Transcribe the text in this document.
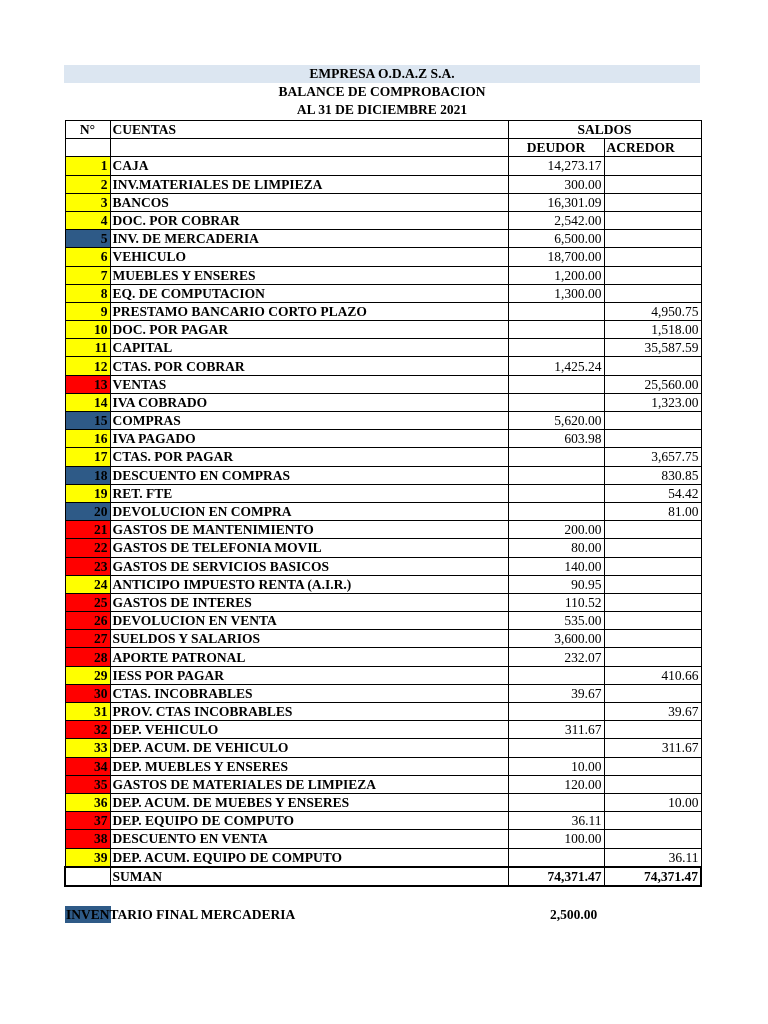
EMPRESA O.D.A.Z S.A.
BALANCE DE COMPROBACION
AL 31 DE DICIEMBRE 2021
N°	CUENTAS	SALDOS	
		DEUDOR	ACREDOR
1	CAJA	14,273.17	
2	INV.MATERIALES DE LIMPIEZA	300.00	
3	BANCOS	16,301.09	
4	DOC. POR COBRAR	2,542.00	
5	INV. DE MERCADERIA	6,500.00	
6	VEHICULO	18,700.00	
7	MUEBLES Y ENSERES	1,200.00	
8	EQ. DE COMPUTACION	1,300.00	
9	PRESTAMO BANCARIO CORTO PLAZO		4,950.75
10	DOC. POR PAGAR		1,518.00
11	CAPITAL		35,587.59
12	CTAS. POR COBRAR	1,425.24	
13	VENTAS		25,560.00
14	IVA COBRADO		1,323.00
15	COMPRAS	5,620.00	
16	IVA PAGADO	603.98	
17	CTAS. POR PAGAR		3,657.75
18	DESCUENTO EN COMPRAS		830.85
19	RET. FTE		54.42
20	DEVOLUCION EN COMPRA		81.00
21	GASTOS DE MANTENIMIENTO	200.00	
22	GASTOS DE TELEFONIA MOVIL	80.00	
23	GASTOS DE SERVICIOS BASICOS	140.00	
24	ANTICIPO IMPUESTO RENTA (A.I.R.)	90.95	
25	GASTOS DE INTERES	110.52	
26	DEVOLUCION EN VENTA	535.00	
27	SUELDOS Y SALARIOS	3,600.00	
28	APORTE PATRONAL	232.07	
29	IESS POR PAGAR		410.66
30	CTAS. INCOBRABLES	39.67	
31	PROV. CTAS INCOBRABLES		39.67
32	DEP. VEHICULO	311.67	
33	DEP. ACUM. DE VEHICULO		311.67
34	DEP. MUEBLES Y ENSERES	10.00	
35	GASTOS DE MATERIALES DE LIMPIEZA	120.00	
36	DEP. ACUM. DE MUEBES Y ENSERES		10.00
37	DEP. EQUIPO DE COMPUTO	36.11	
38	DESCUENTO EN VENTA	100.00	
39	DEP. ACUM. EQUIPO DE COMPUTO		36.11
	SUMAN	74,371.47	74,371.47
INVENTARIO FINAL MERCADERIA	2,500.00
